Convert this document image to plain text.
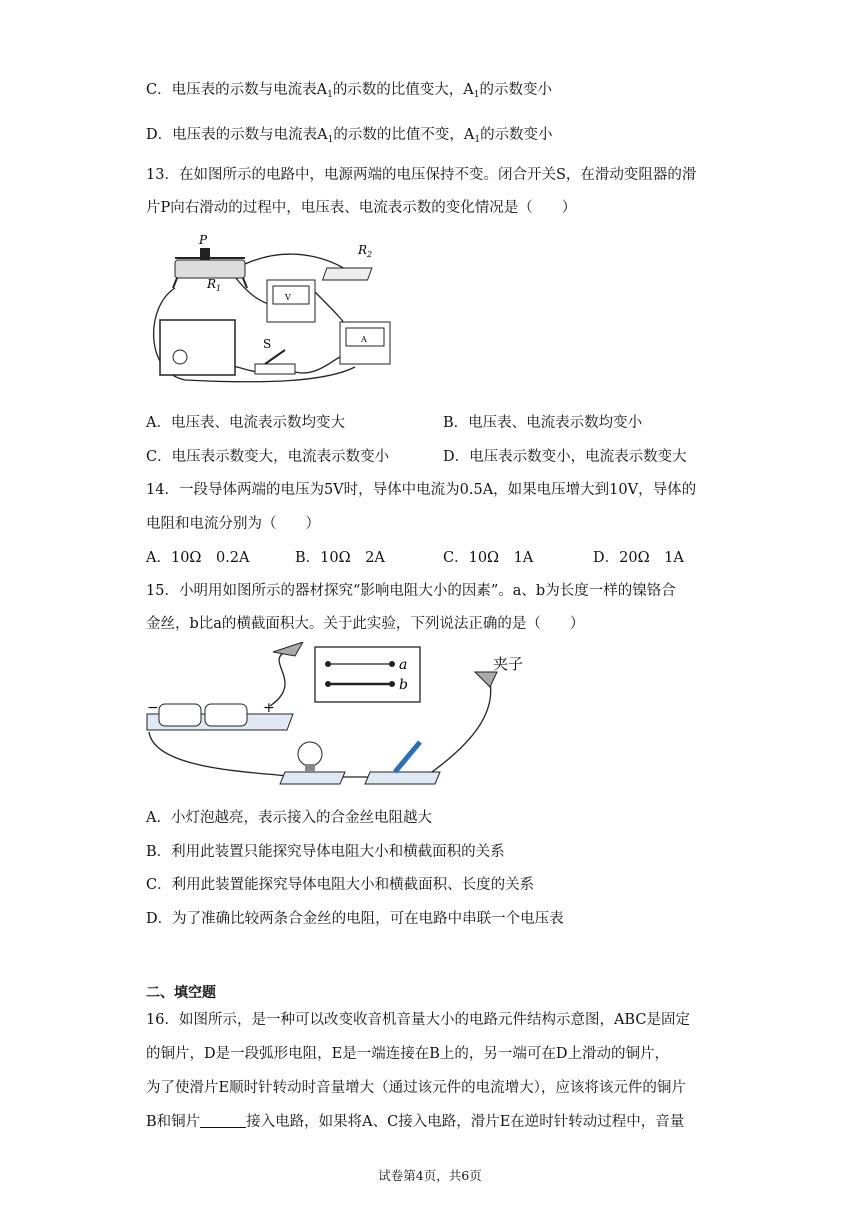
C．电压表的示数与电流表$A_1$的示数的比值变大，$A_1$的示数变小
D．电压表的示数与电流表$A_1$的示数的比值不变，$A_1$的示数变小
13．在如图所示的电路中，电源两端的电压保持不变。闭合开关S，在滑动变阻器的滑
片P向右滑动的过程中，电压表、电流表示数的变化情况是（　　）
P
R 1
R 2
V
A
S
A．电压表、电流表示数均变大	B．电压表、电流表示数均变小
C．电压表示数变大，电流表示数变小	D．电压表示数变小，电流表示数变大
14．一段导体两端的电压为5V时，导体中电流为0.5A，如果电压增大到10V，导体的
电阻和电流分别为（　　）
A．10Ω　0.2A	B．10Ω　2A	C．10Ω　1A	D．20Ω　1A
15．小明用如图所示的器材探究“影响电阻大小的因素”。a、b为长度一样的镍铬合
金丝，b比a的横截面积大。关于此实验，下列说法正确的是（　　）
−	+
a
b
夹子
A．小灯泡越亮，表示接入的合金丝电阻越大
B．利用此装置只能探究导体电阻大小和横截面积的关系
C．利用此装置能探究导体电阻大小和横截面积、长度的关系
D．为了准确比较两条合金丝的电阻，可在电路中串联一个电压表
二、填空题
16．如图所示，是一种可以改变收音机音量大小的电路元件结构示意图，ABC是固定
的铜片，D是一段弧形电阻，E是一端连接在B上的，另一端可在D上滑动的铜片，
为了使滑片E顺时针转动时音量增大（通过该元件的电流增大），应该将该元件的铜片
B和铜片	接入电路，如果将A、C接入电路，滑片E在逆时针转动过程中，音量
试卷第4页，共6页
